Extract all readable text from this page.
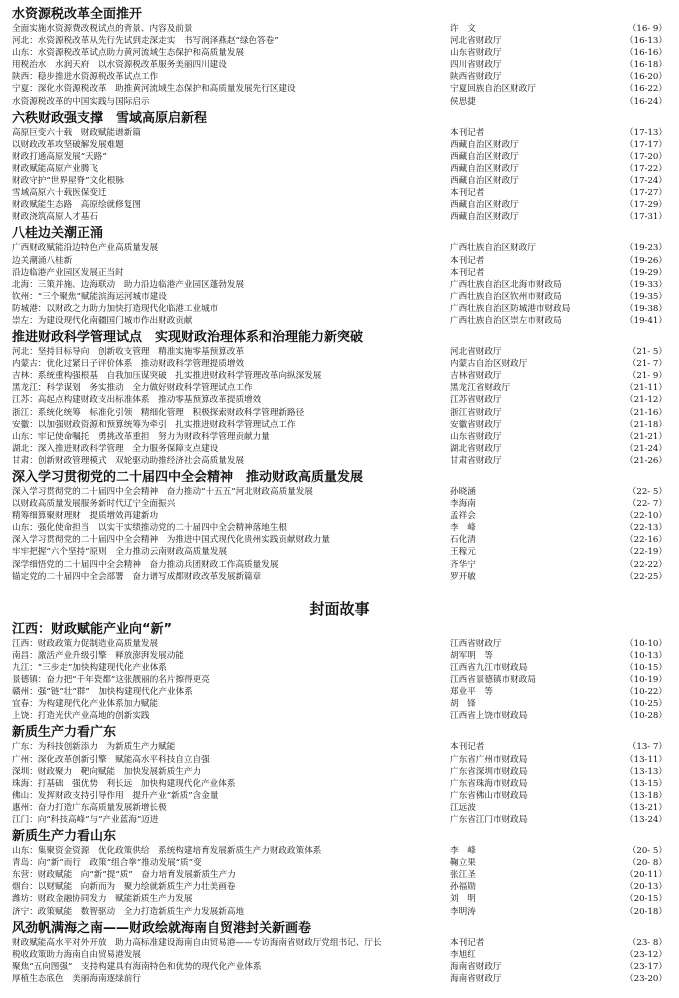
水资源税改革全面推开
全面实施水资源费改税试点的背景、内容及前景	许　文	（16- 9）
河北：水资源税改革从先行先试到走深走实　书写润泽燕赵“绿色答卷”	河北省财政厅	（16-13）
山东：水资源税改革试点助力黄河流域生态保护和高质量发展	山东省财政厅	（16-16）
用税治水　水润天府　以水资源税改革服务美丽四川建设	四川省财政厅	（16-18）
陕西：稳步推进水资源税改革试点工作	陕西省财政厅	（16-20）
宁夏：深化水资源税改革　助推黄河流域生态保护和高质量发展先行区建设	宁夏回族自治区财政厅	（16-22）
水资源税改革的中国实践与国际启示	侯思捷	（16-24）
六秩财政强支撑　雪域高原启新程
高原巨变六十载　财政赋能谱新篇	本刊记者	（17-13）
以财政改革攻坚破解发展难题	西藏自治区财政厅	（17-17）
财政打通高原发展“天路”	西藏自治区财政厅	（17-20）
财政赋能高原产业腾飞	西藏自治区财政厅	（17-22）
财政守护“世界屋脊”文化根脉	西藏自治区财政厅	（17-24）
雪域高原六十载医保变迁	本刊记者	（17-27）
财政赋能生态路　高原绘就修复图	西藏自治区财政厅	（17-29）
财政浇筑高原人才基石	西藏自治区财政厅	（17-31）
八桂边关潮正涌
广西财政赋能沿边特色产业高质量发展	广西壮族自治区财政厅	（19-23）
边关潮涌八桂新	本刊记者	（19-26）
沿边临港产业园区发展正当时	本刊记者	（19-29）
北海：三策并施、边海联动　助力沿边临港产业园区蓬勃发展	广西壮族自治区北海市财政局	（19-33）
钦州：“三个聚焦”赋能滨海运河城市建设	广西壮族自治区钦州市财政局	（19-35）
防城港：以财政之力助力加快打造现代化临港工业城市	广西壮族自治区防城港市财政局	（19-38）
崇左：为建设现代化南疆国门城市作出财政贡献	广西壮族自治区崇左市财政局	（19-41）
推进财政科学管理试点　实现财政治理体系和治理能力新突破
河北：坚持目标导向　创新收支管理　精准实施零基预算改革	河北省财政厅	（21- 5）
内蒙古：优化过紧日子评价体系　推动财政科学管理提质增效	内蒙古自治区财政厅	（21- 7）
吉林：系统重构强根基　自我加压谋突破　扎实推进财政科学管理改革向纵深发展	吉林省财政厅	（21- 9）
黑龙江：科学谋划　务实推动　全力做好财政科学管理试点工作	黑龙江省财政厅	（21-11）
江苏：高起点构建财政支出标准体系　推动零基预算改革提质增效	江苏省财政厅	（21-12）
浙江：系统化统筹　标准化引领　精细化管理　积极探索财政科学管理新路径	浙江省财政厅	（21-16）
安徽：以加强财政资源和预算统筹为牵引　扎实推进财政科学管理试点工作	安徽省财政厅	（21-18）
山东：牢记使命嘱托　勇挑改革重担　努力为财政科学管理贡献力量	山东省财政厅	（21-21）
湖北：深入推进财政科学管理　全力服务保障支点建设	湖北省财政厅	（21-24）
甘肃：创新财政管理模式　双轮驱动助推经济社会高质量发展	甘肃省财政厅	（21-26）
深入学习贯彻党的二十届四中全会精神　推动财政高质量发展
深入学习贯彻党的二十届四中全会精神　奋力推动“十五五”河北财政高质量发展	孙晓涵	（22- 5）
以财政高质量发展服务新时代辽宁全面振兴	李海南	（22- 7）
精筹细算聚财理财　提质增效再建新功	孟祥会	（22-10）
山东：强化使命担当　以实干实绩推动党的二十届四中全会精神落地生根	李　峰	（22-13）
深入学习贯彻党的二十届四中全会精神　为推进中国式现代化贵州实践贡献财政力量	石化清	（22-16）
牢牢把握“六个坚持”原则　全力推动云南财政高质量发展	王稼元	（22-19）
深学细悟党的二十届四中全会精神　奋力推动兵团财政工作高质量发展	齐华宁	（22-22）
锚定党的二十届四中全会部署　奋力谱写成都财政改革发展新篇章	罗开敏	（22-25）
封面故事
江西：财政赋能产业向“新”
江西：财政政策力促制造业高质量发展	江西省财政厅	（10-10）
南昌：激活产业升级引擎　释放澎湃发展动能	胡军明　等	（10-13）
九江：“三步走”加快构建现代化产业体系	江西省九江市财政局	（10-15）
景德镇：奋力把“千年瓷都”这张靓丽的名片擦得更亮	江西省景德镇市财政局	（10-19）
赣州：强“链”壮“群”　加快构建现代化产业体系	郑业平　等	（10-22）
宜春：为构建现代化产业体系加力赋能	胡　锋	（10-25）
上饶：打造光伏产业高地的创新实践	江西省上饶市财政局	（10-28）
新质生产力看广东
广东：为科技创新添力　为新质生产力赋能	本刊记者	（13- 7）
广州：深化改革创新引擎　赋能高水平科技自立自强	广东省广州市财政局	（13-11）
深圳：财政聚力　靶向赋能　加快发展新质生产力	广东省深圳市财政局	（13-13）
珠海：打基础　强优势　利长远　加快构建现代化产业体系	广东省珠海市财政局	（13-15）
佛山：发挥财政支持引导作用　提升产业“新质”含金量	广东省佛山市财政局	（13-18）
惠州：奋力打造广东高质量发展新增长极	江远波	（13-21）
江门：向“科技高峰”与“产业蓝海”迈进	广东省江门市财政局	（13-24）
新质生产力看山东
山东：集聚资金资源　优化政策供给　系统构建培育发展新质生产力财政政策体系	李　峰	（20- 5）
青岛：向“新”而行　政策“组合拳”推动发展“质”变	鞠立果	（20- 8）
东营：财政赋能　向“新”提“质”　奋力培育发展新质生产力	张江圣	（20-11）
烟台：以财赋能　向新而为　聚力绘就新质生产力壮美画卷	孙福勋	（20-13）
潍坊：财政金融协同发力　赋能新质生产力发展	刘　明	（20-15）
济宁：政策赋能　数智驱动　全力打造新质生产力发展新高地	李明涛	（20-18）
风劲帆满海之南——财政绘就海南自贸港封关新画卷
财政赋能高水平对外开放　助力高标准建设海南自由贸易港——专访海南省财政厅党组书记、厅长	本刊记者	（23- 8）
税收政策助力海南自由贸易港发展	李旭红	（23-12）
聚焦“五向图强”　支持构建具有海南特色和优势的现代化产业体系	海南省财政厅	（23-17）
厚植生态底色　美丽海南逐绿前行	海南省财政厅	（23-20）
